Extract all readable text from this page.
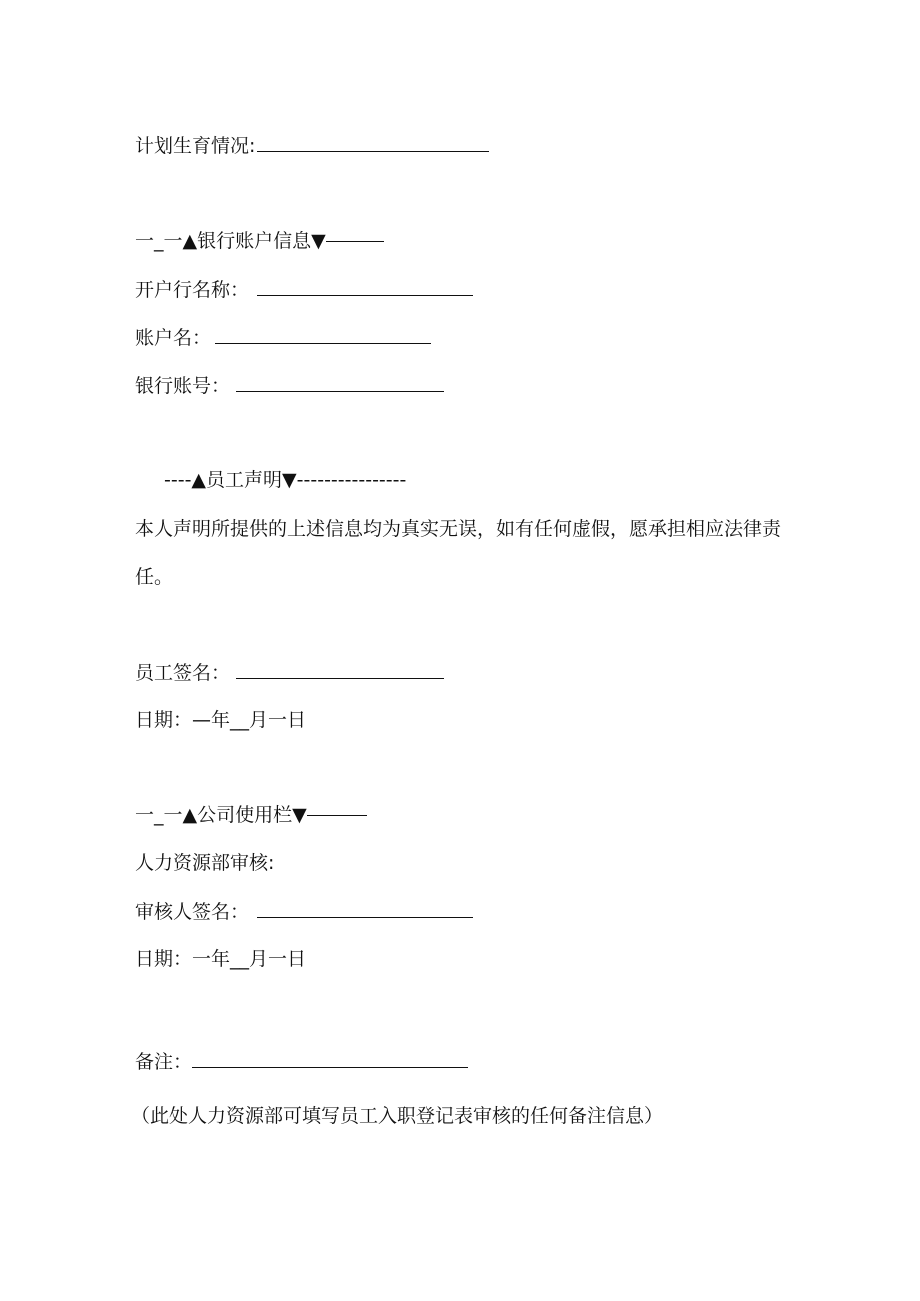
计划生育情况:
一_一▲银行账户信息▼
开户行名称：
账户名：
银行账号：
----▲员工声明▼----------------
本人声明所提供的上述信息均为真实无误，如有任何虚假，愿承担相应法律责
任。
员工签名：
日期：—年__月一日
一_一▲公司使用栏▼
人力资源部审核:
审核人签名：
日期：一年__月一日
备注：
（此处人力资源部可填写员工入职登记表审核的任何备注信息）
